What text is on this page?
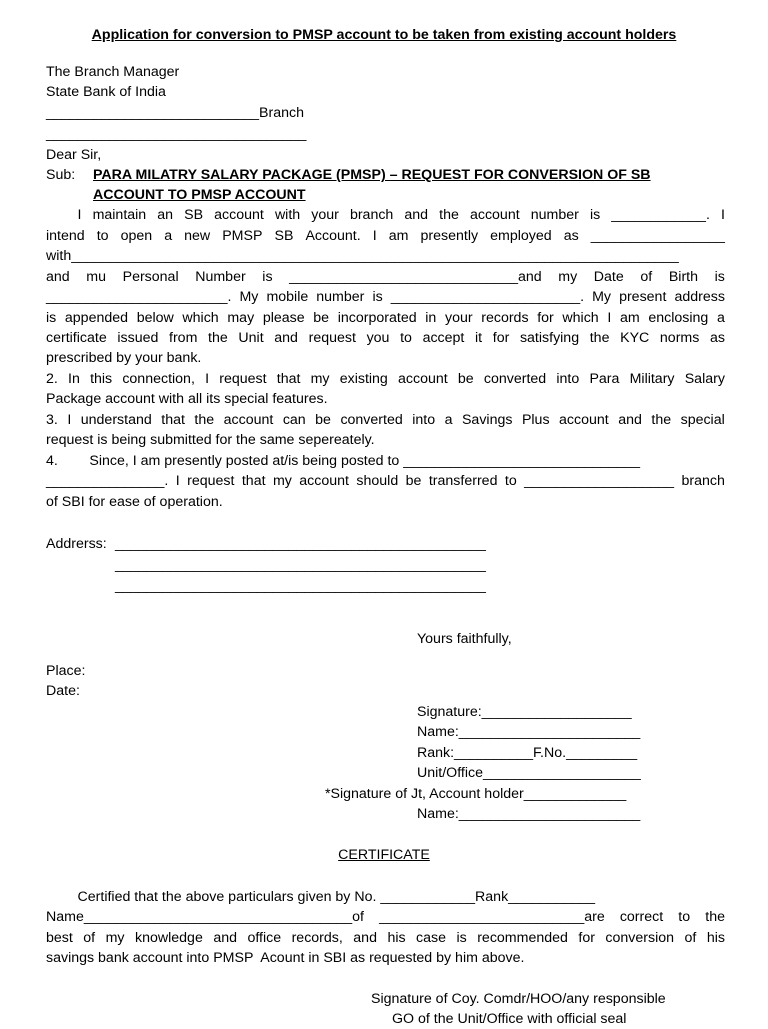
Application for conversion to PMSP account to be taken from existing account holders
The Branch Manager
State Bank of India
___________________________Branch
_________________________________
Dear Sir,
Sub: PARA MILATRY SALARY PACKAGE (PMSP) – REQUEST FOR CONVERSION OF SB
ACCOUNT TO PMSP ACCOUNT
I maintain an SB account with your branch and the account number is ____________. I
intend to open a new PMSP SB Account. I am presently employed as _________________
with_____________________________________________________________________________
and mu Personal Number is _____________________________and my Date of Birth is
_______________________. My mobile number is ________________________. My present address
is appended below which may please be incorporated in your records for which I am enclosing a
certificate issued from the Unit and request you to accept it for satisfying the KYC norms as
prescribed by your bank.
2. In this connection, I request that my existing account be converted into Para Military Salary
Package account with all its special features.
3. I understand that the account can be converted into a Savings Plus account and the special
request is being submitted for the same sepereately.
4.        Since, I am presently posted at/is being posted to ______________________________
_______________. I request that my account should be transferred to ___________________ branch
of SBI for ease of operation.
Addrerss: _______________________________________________
_______________________________________________
_______________________________________________
Yours faithfully,
Place:
Date:
Signature:___________________
Name:_______________________
Rank:__________F.No._________
Unit/Office____________________
*Signature of Jt, Account holder_____________
Name:_______________________
CERTIFICATE
Certified that the above particulars given by No. ____________Rank___________
Name__________________________________of __________________________are correct to the
best of my knowledge and office records, and his case is recommended for conversion of his
savings bank account into PMSP  Acount in SBI as requested by him above.
Signature of Coy. Comdr/HOO/any responsible
GO of the Unit/Office with official seal
